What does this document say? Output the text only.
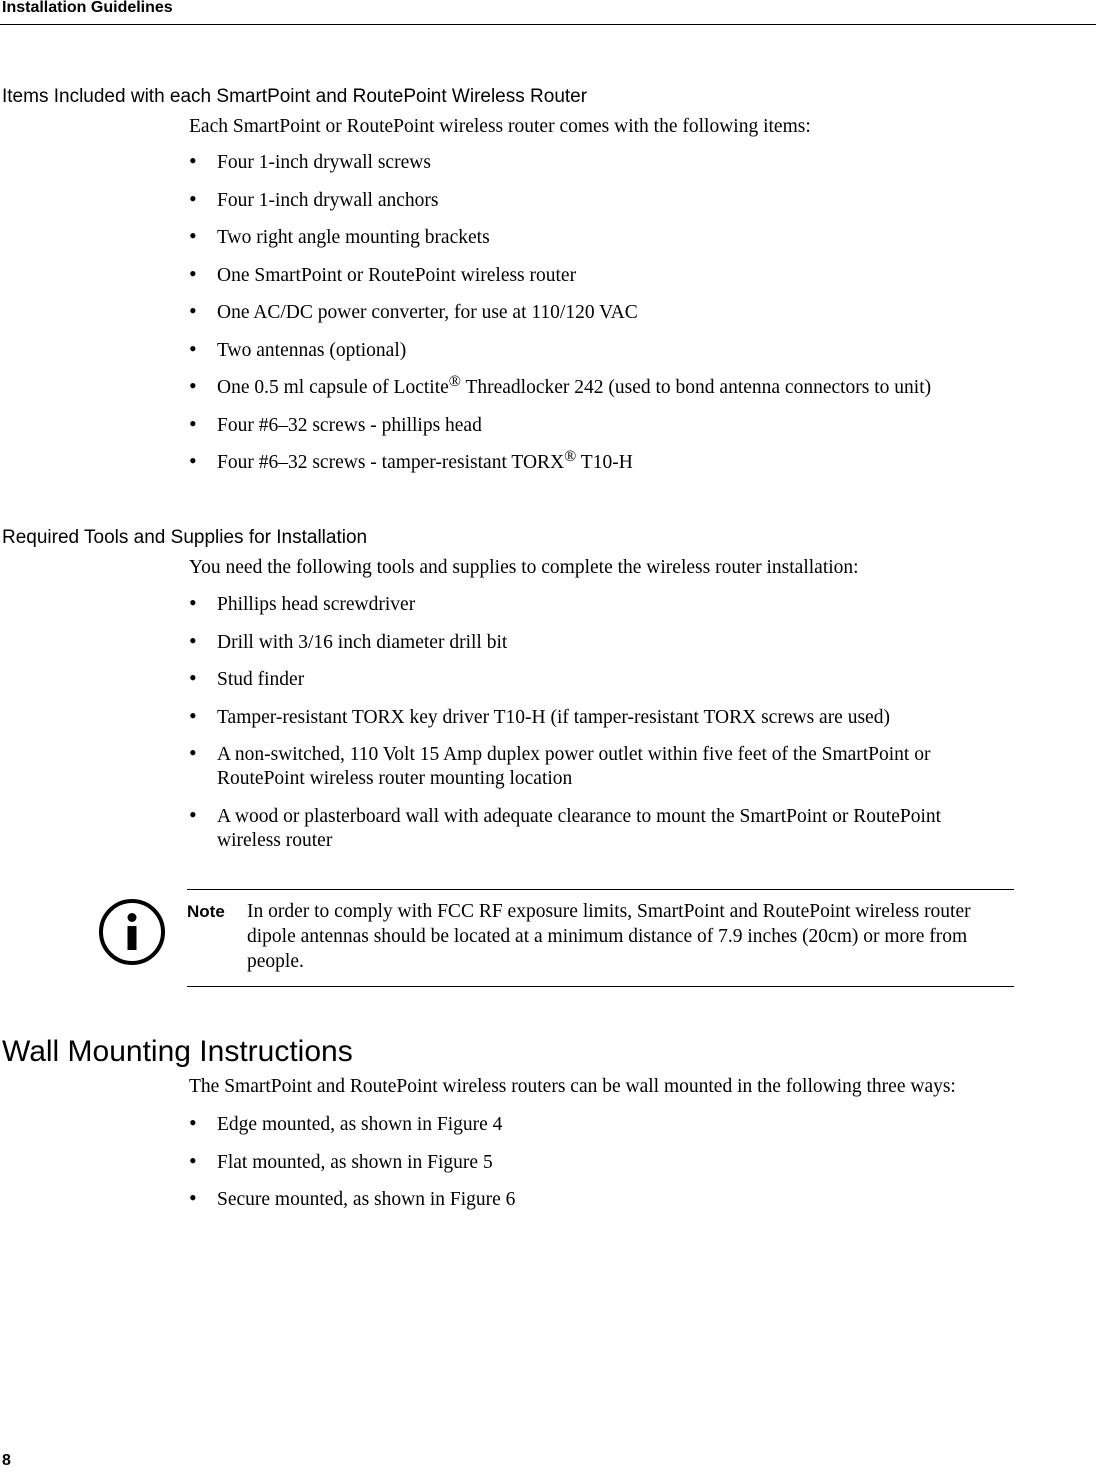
Installation Guidelines
Items Included with each SmartPoint and RoutePoint Wireless Router
Each SmartPoint or RoutePoint wireless router comes with the following items:
• Four 1-inch drywall screws
• Four 1-inch drywall anchors
• Two right angle mounting brackets
• One SmartPoint or RoutePoint wireless router
• One AC/DC power converter, for use at 110/120 VAC
• Two antennas (optional)
• One 0.5 ml capsule of Loctite® Threadlocker 242 (used to bond antenna connectors to unit)
• Four #6–32 screws - phillips head
• Four #6–32 screws - tamper-resistant TORX® T10-H
Required Tools and Supplies for Installation
You need the following tools and supplies to complete the wireless router installation:
• Phillips head screwdriver
• Drill with 3/16 inch diameter drill bit
• Stud finder
• Tamper-resistant TORX key driver T10-H (if tamper-resistant TORX screws are used)
• A non-switched, 110 Volt 15 Amp duplex power outlet within five feet of the SmartPoint or RoutePoint wireless router mounting location
• A wood or plasterboard wall with adequate clearance to mount the SmartPoint or RoutePoint wireless router
Note In order to comply with FCC RF exposure limits, SmartPoint and RoutePoint wireless router dipole antennas should be located at a minimum distance of 7.9 inches (20cm) or more from people.
Wall Mounting Instructions
The SmartPoint and RoutePoint wireless routers can be wall mounted in the following three ways:
• Edge mounted, as shown in Figure 4
• Flat mounted, as shown in Figure 5
• Secure mounted, as shown in Figure 6
8
